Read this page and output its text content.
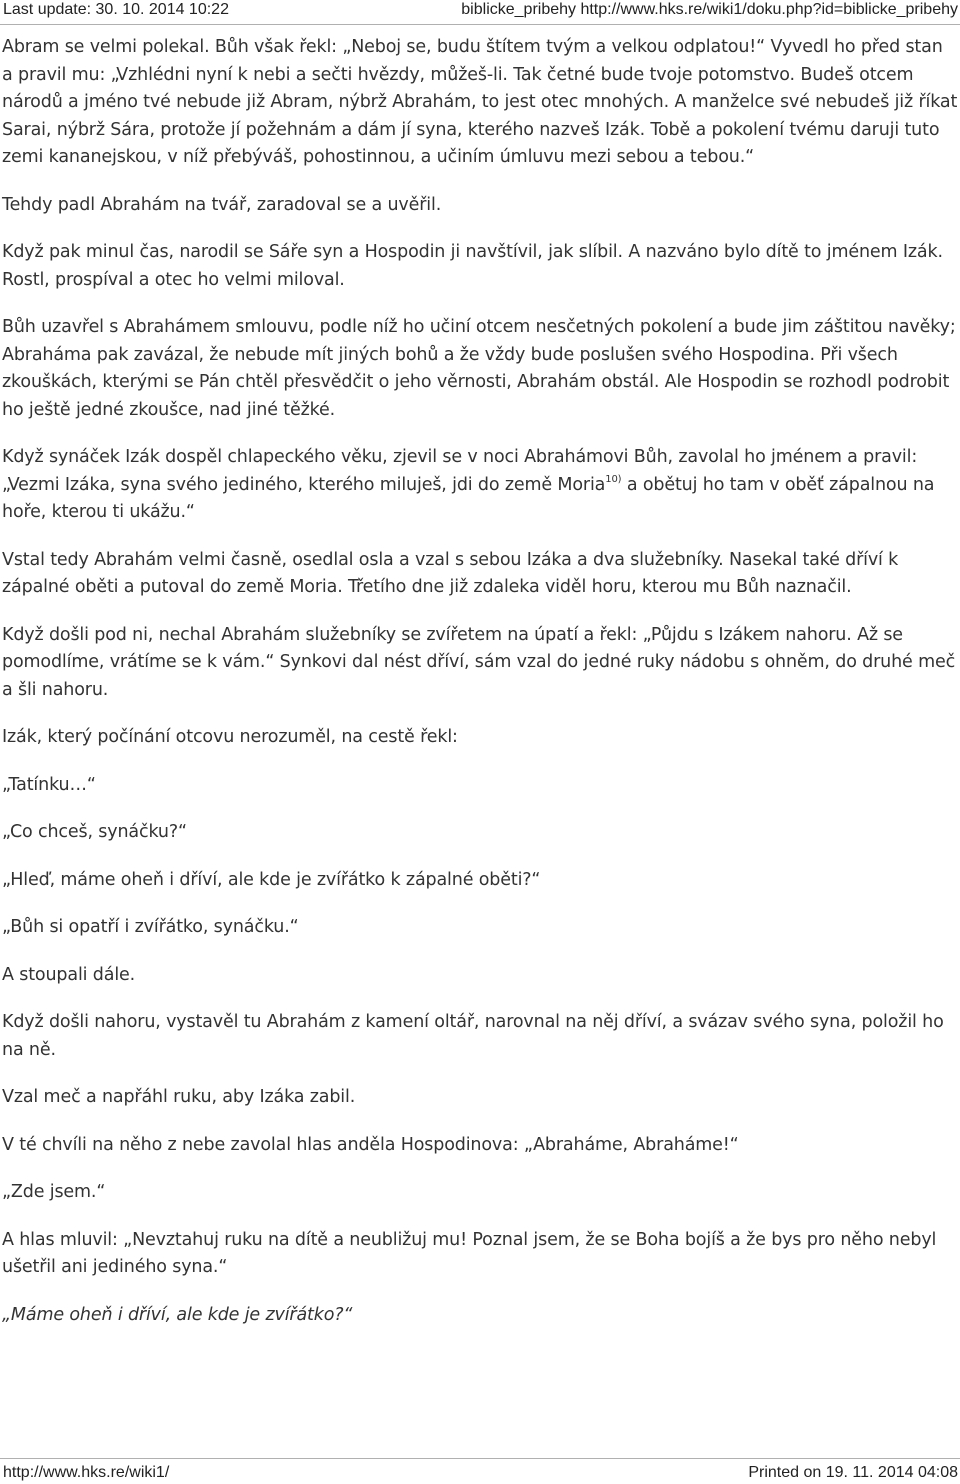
Last update: 30. 10. 2014 10:22	biblicke_pribehy http://www.hks.re/wiki1/doku.php?id=biblicke_pribehy

Abram se velmi polekal. Bůh však řekl: „Neboj se, budu štítem tvým a velkou odplatou!“ Vyvedl ho před stan a pravil mu: „Vzhlédni nyní k nebi a sečti hvězdy, můžeš-li. Tak četné bude tvoje potomstvo. Budeš otcem národů a jméno tvé nebude již Abram, nýbrž Abrahám, to jest otec mnohých. A manželce své nebudeš již říkat Sarai, nýbrž Sára, protože jí požehnám a dám jí syna, kterého nazveš Izák. Tobě a pokolení tvému daruji tuto zemi kananejskou, v níž přebýváš, pohostinnou, a učiním úmluvu mezi sebou a tebou.“

Tehdy padl Abrahám na tvář, zaradoval se a uvěřil.

Když pak minul čas, narodil se Sáře syn a Hospodin ji navštívil, jak slíbil. A nazváno bylo dítě to jménem Izák. Rostl, prospíval a otec ho velmi miloval.

Bůh uzavřel s Abrahámem smlouvu, podle níž ho učiní otcem nesčetných pokolení a bude jim záštitou navěky; Abraháma pak zavázal, že nebude mít jiných bohů a že vždy bude poslušen svého Hospodina. Při všech zkouškách, kterými se Pán chtěl přesvědčit o jeho věrnosti, Abrahám obstál. Ale Hospodin se rozhodl podrobit ho ještě jedné zkoušce, nad jiné těžké.

Když synáček Izák dospěl chlapeckého věku, zjevil se v noci Abrahámovi Bůh, zavolal ho jménem a pravil: „Vezmi Izáka, syna svého jediného, kterého miluješ, jdi do země Moria$^{10)}$ a obětuj ho tam v oběť zápalnou na hoře, kterou ti ukážu.“

Vstal tedy Abrahám velmi časně, osedlal osla a vzal s sebou Izáka a dva služebníky. Nasekal také dříví k zápalné oběti a putoval do země Moria. Třetího dne již zdaleka viděl horu, kterou mu Bůh naznačil.

Když došli pod ni, nechal Abrahám služebníky se zvířetem na úpatí a řekl: „Půjdu s Izákem nahoru. Až se pomodlíme, vrátíme se k vám.“ Synkovi dal nést dříví, sám vzal do jedné ruky nádobu s ohněm, do druhé meč a šli nahoru.

Izák, který počínání otcovu nerozuměl, na cestě řekl:

„Tatínku…“

„Co chceš, synáčku?“

„Hleď, máme oheň i dříví, ale kde je zvířátko k zápalné oběti?“

„Bůh si opatří i zvířátko, synáčku.“

A stoupali dále.

Když došli nahoru, vystavěl tu Abrahám z kamení oltář, narovnal na něj dříví, a svázav svého syna, položil ho na ně.

Vzal meč a napřáhl ruku, aby Izáka zabil.

V té chvíli na něho z nebe zavolal hlas anděla Hospodinova: „Abraháme, Abraháme!“

„Zde jsem.“

A hlas mluvil: „Nevztahuj ruku na dítě a neubližuj mu! Poznal jsem, že se Boha bojíš a že bys pro něho nebyl ušetřil ani jediného syna.“

„Máme oheň i dříví, ale kde je zvířátko?“

http://www.hks.re/wiki1/	Printed on 19. 11. 2014 04:08
